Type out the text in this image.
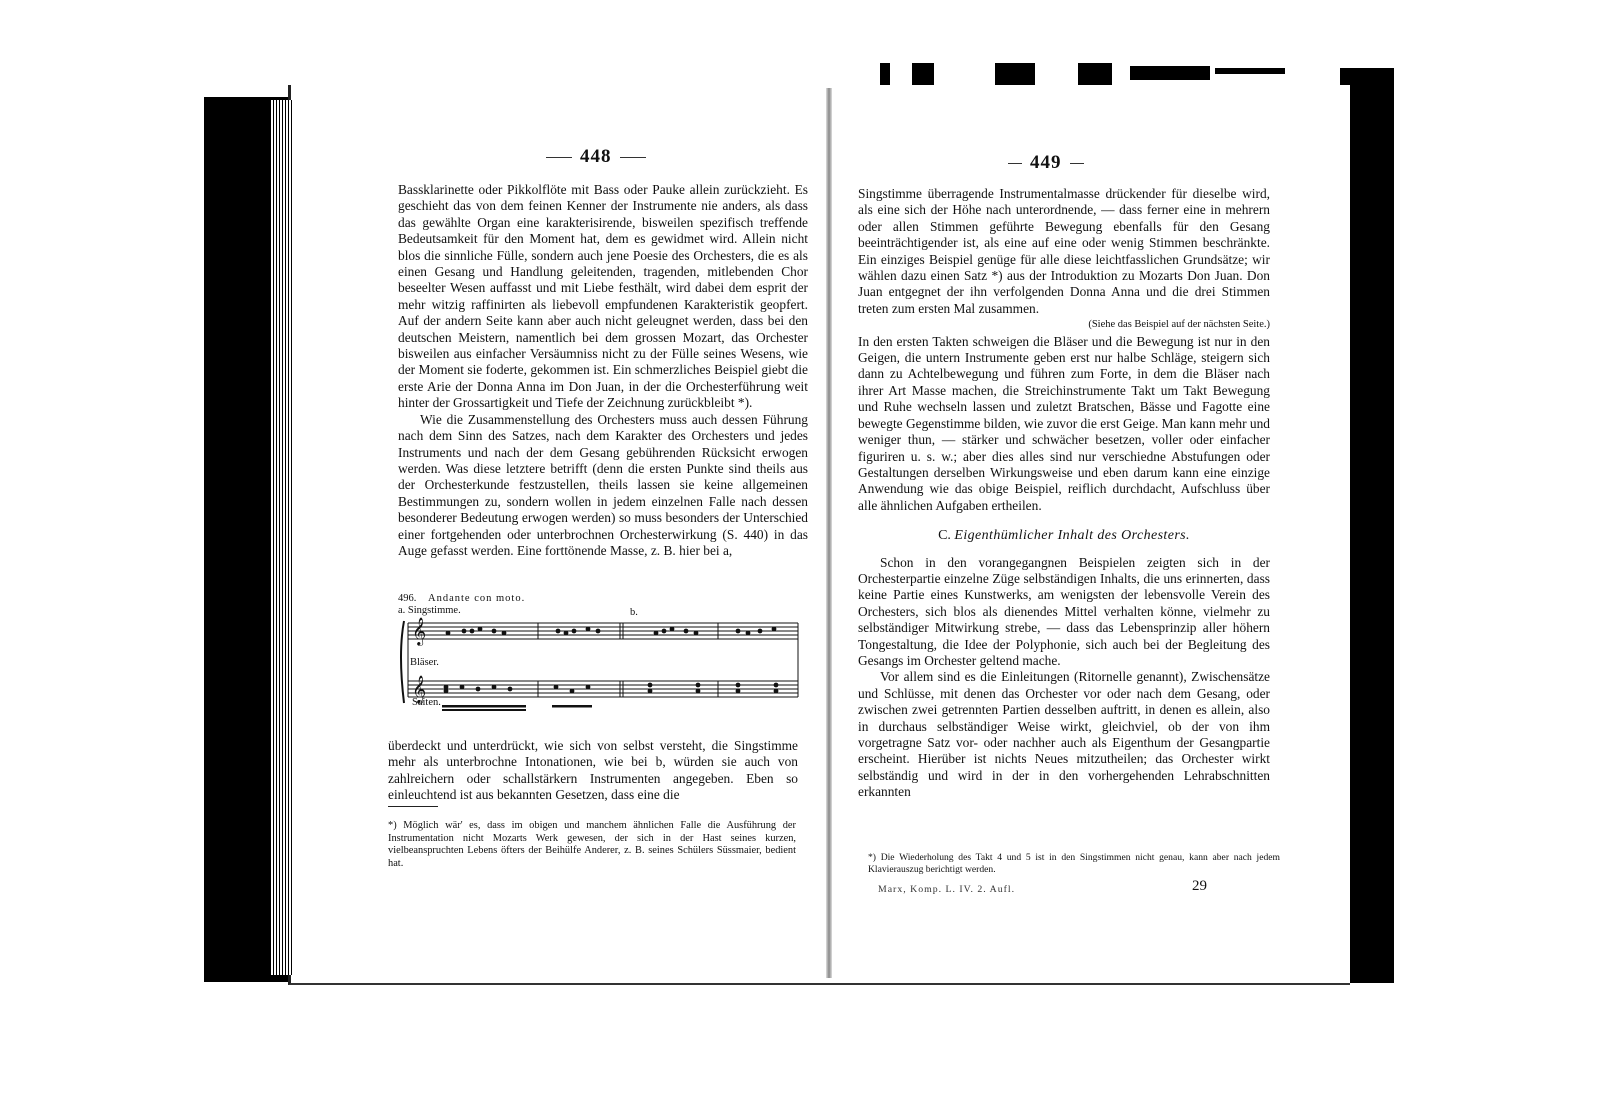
448

Bassklarinette oder Pikkolflöte mit Bass oder Pauke allein zurückzieht. Es geschieht das von dem feinen Kenner der Instrumente nie anders, als dass das gewählte Organ eine karakterisirende, bisweilen spezifisch treffende Bedeutsamkeit für den Moment hat, dem es gewidmet wird. Allein nicht blos die sinnliche Fülle, sondern auch jene Poesie des Orchesters, die es als einen Gesang und Handlung geleitenden, tragenden, mitlebenden Chor beseelter Wesen auffasst und mit Liebe festhält, wird dabei dem esprit der mehr witzig raffinirten als liebevoll empfundenen Karakteristik geopfert. Auf der andern Seite kann aber auch nicht geleugnet werden, dass bei den deutschen Meistern, namentlich bei dem grossen Mozart, das Orchester bisweilen aus einfacher Versäumniss nicht zu der Fülle seines Wesens, wie der Moment sie foderte, gekommen ist. Ein schmerzliches Beispiel giebt die erste Arie der Donna Anna im Don Juan, in der die Orchesterführung weit hinter der Grossartigkeit und Tiefe der Zeichnung zurückbleibt *).

Wie die Zusammenstellung des Orchesters muss auch dessen Führung nach dem Sinn des Satzes, nach dem Karakter des Orchesters und jedes Instruments und nach der dem Gesang gebührenden Rücksicht erwogen werden. Was diese letztere betrifft (denn die ersten Punkte sind theils aus der Orchesterkunde festzustellen, theils lassen sie keine allgemeinen Bestimmungen zu, sondern wollen in jedem einzelnen Falle nach dessen besonderer Bedeutung erwogen werden) so muss besonders der Unterschied einer fortgehenden oder unterbrochnen Orchesterwirkung (S. 440) in das Auge gefasst werden. Eine forttönende Masse, z. B. hier bei a,

496. Andante con moto.
a. Singstimme.	b.
Bläser.
Saiten.
𝄞
𝄞

überdeckt und unterdrückt, wie sich von selbst versteht, die Singstimme mehr als unterbrochne Intonationen, wie bei b, würden sie auch von zahlreichern oder schallstärkern Instrumenten angegeben. Eben so einleuchtend ist aus bekannten Gesetzen, dass eine die

*) Möglich wär' es, dass im obigen und manchem ähnlichen Falle die Ausführung der Instrumentation nicht Mozarts Werk gewesen, der sich in der Hast seines kurzen, vielbeanspruchten Lebens öfters der Beihülfe Anderer, z. B. seines Schülers Süssmaier, bedient hat.
449

Singstimme überragende Instrumentalmasse drückender für dieselbe wird, als eine sich der Höhe nach unterordnende, — dass ferner eine in mehrern oder allen Stimmen geführte Bewegung ebenfalls für den Gesang beeinträchtigender ist, als eine auf eine oder wenig Stimmen beschränkte. Ein einziges Beispiel genüge für alle diese leichtfasslichen Grundsätze; wir wählen dazu einen Satz *) aus der Introduktion zu Mozarts Don Juan. Don Juan entgegnet der ihn verfolgenden Donna Anna und die drei Stimmen treten zum ersten Mal zusammen.

(Siehe das Beispiel auf der nächsten Seite.)

In den ersten Takten schweigen die Bläser und die Bewegung ist nur in den Geigen, die untern Instrumente geben erst nur halbe Schläge, steigern sich dann zu Achtelbewegung und führen zum Forte, in dem die Bläser nach ihrer Art Masse machen, die Streichinstrumente Takt um Takt Bewegung und Ruhe wechseln lassen und zuletzt Bratschen, Bässe und Fagotte eine bewegte Gegenstimme bilden, wie zuvor die erst Geige. Man kann mehr und weniger thun, — stärker und schwächer besetzen, voller oder einfacher figuriren u. s. w.; aber dies alles sind nur verschiedne Abstufungen oder Gestaltungen derselben Wirkungsweise und eben darum kann eine einzige Anwendung wie das obige Beispiel, reiflich durchdacht, Aufschluss über alle ähnlichen Aufgaben ertheilen.

C. Eigenthümlicher Inhalt des Orchesters.

Schon in den vorangegangnen Beispielen zeigten sich in der Orchesterpartie einzelne Züge selbständigen Inhalts, die uns erinnerten, dass keine Partie eines Kunstwerks, am wenigsten der lebensvolle Verein des Orchesters, sich blos als dienendes Mittel verhalten könne, vielmehr zu selbständiger Mitwirkung strebe, — dass das Lebensprinzip aller höhern Tongestaltung, die Idee der Polyphonie, sich auch bei der Begleitung des Gesangs im Orchester geltend mache.

Vor allem sind es die Einleitungen (Ritornelle genannt), Zwischensätze und Schlüsse, mit denen das Orchester vor oder nach dem Gesang, oder zwischen zwei getrennten Partien desselben auftritt, in denen es allein, also in durchaus selbständiger Weise wirkt, gleichviel, ob der von ihm vorgetragne Satz vor- oder nachher auch als Eigenthum der Gesangpartie erscheint. Hierüber ist nichts Neues mitzutheilen; das Orchester wirkt selbständig und wird in der in den vorhergehenden Lehrabschnitten erkannten

*) Die Wiederholung des Takt 4 und 5 ist in den Singstimmen nicht genau, kann aber nach jedem Klavierauszug berichtigt werden.
Marx, Komp. L. IV. 2. Aufl.	29
